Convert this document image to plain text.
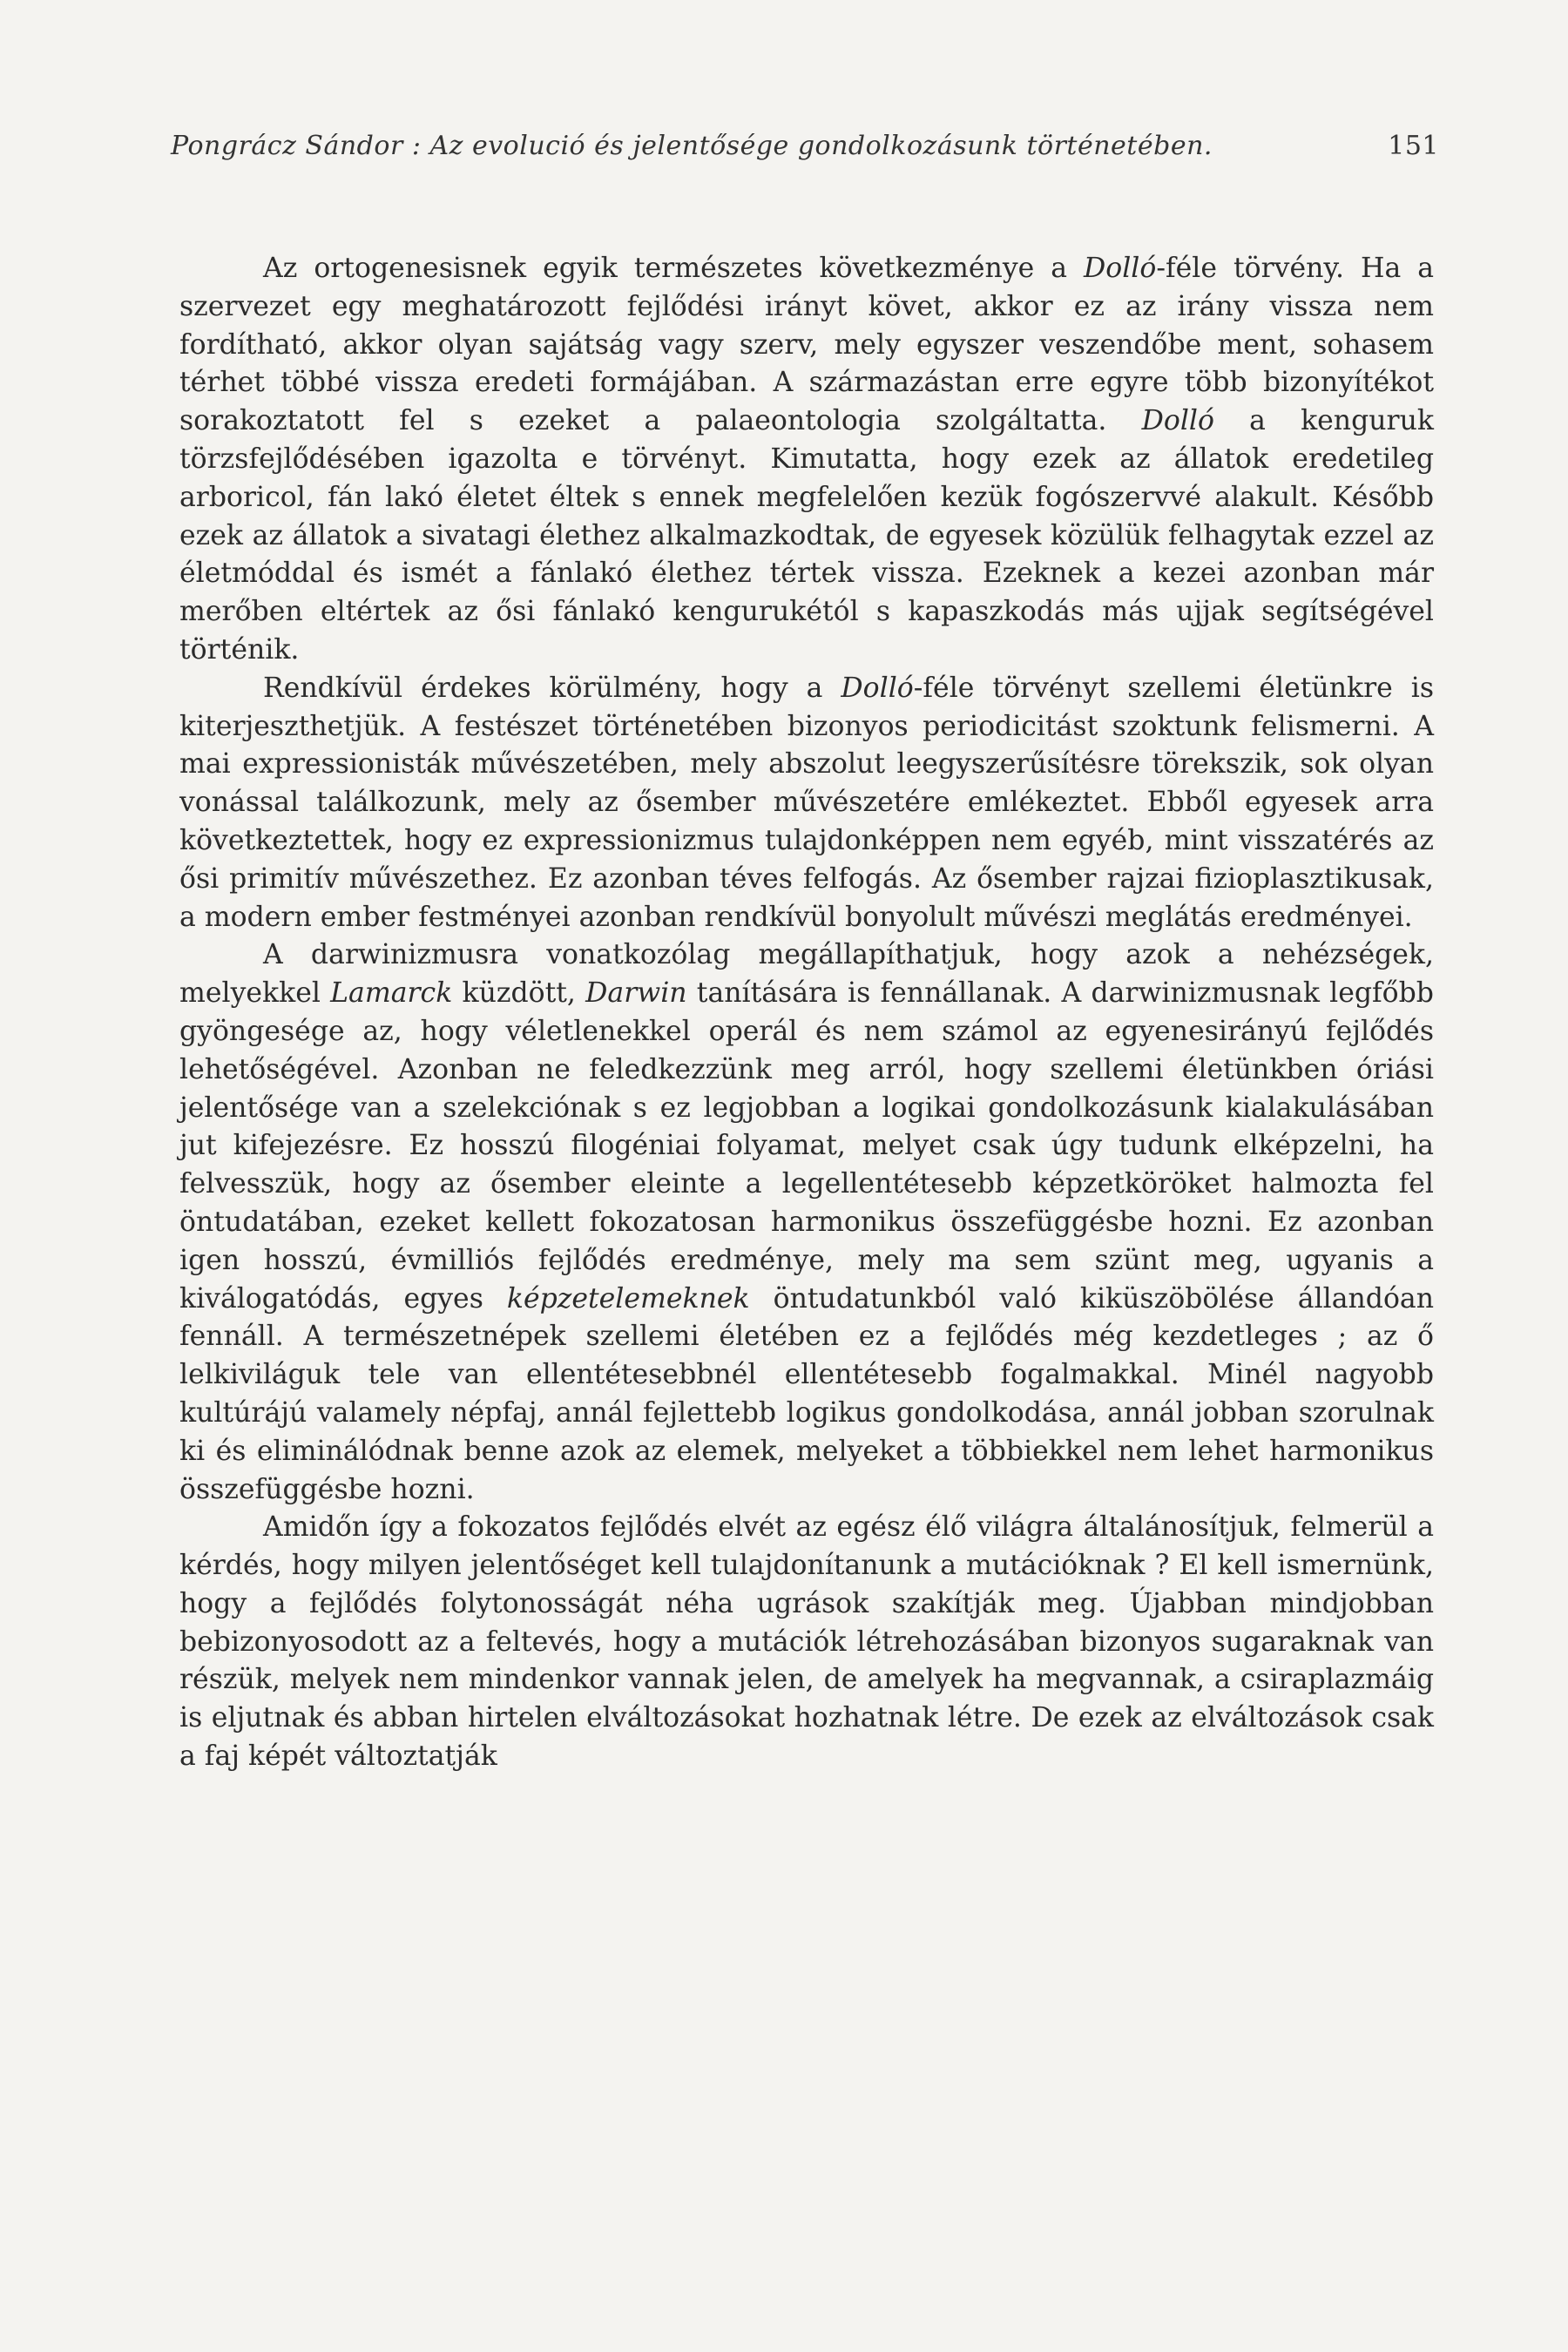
Pongrácz Sándor : Az evolució és jelentősége gondolkozásunk történetében.	151

Az ortogenesisnek egyik természetes következménye a Dolló-féle törvény. Ha a szervezet egy meghatározott fejlődési irányt követ, akkor ez az irány vissza nem fordítható, akkor olyan sajátság vagy szerv, mely egyszer veszendőbe ment, sohasem térhet többé vissza eredeti formájában. A származástan erre egyre több bizonyítékot sorakoztatott fel s ezeket a palaeontologia szolgáltatta. Dolló a kenguruk törzsfejlődésében igazolta e törvényt. Kimutatta, hogy ezek az állatok eredetileg arboricol, fán lakó életet éltek s ennek megfelelően kezük fogószervvé alakult. Később ezek az állatok a sivatagi élethez alkalmazkodtak, de egyesek közülük felhagytak ezzel az életmóddal és ismét a fánlakó élethez tértek vissza. Ezeknek a kezei azonban már merőben eltértek az ősi fánlakó kengurukétól s kapaszkodás más ujjak segítségével történik.

Rendkívül érdekes körülmény, hogy a Dolló-féle törvényt szellemi életünkre is kiterjeszthetjük. A festészet történetében bizonyos periodicitást szoktunk felismerni. A mai expressionisták művészetében, mely abszolut leegyszerűsítésre törekszik, sok olyan vonással találkozunk, mely az ősember művészetére emlékeztet. Ebből egyesek arra következtettek, hogy ez expressionizmus tulajdonképpen nem egyéb, mint visszatérés az ősi primitív művészethez. Ez azonban téves felfogás. Az ősember rajzai fizioplasztikusak, a modern ember festményei azonban rendkívül bonyolult művészi meglátás eredményei.

A darwinizmusra vonatkozólag megállapíthatjuk, hogy azok a nehézségek, melyekkel Lamarck küzdött, Darwin tanítására is fennállanak. A darwinizmusnak legfőbb gyöngesége az, hogy véletlenekkel operál és nem számol az egyenesirányú fejlődés lehetőségével. Azonban ne feledkezzünk meg arról, hogy szellemi életünkben óriási jelentősége van a szelekciónak s ez legjobban a logikai gondolkozásunk kialakulásában jut kifejezésre. Ez hosszú filogéniai folyamat, melyet csak úgy tudunk elképzelni, ha felvesszük, hogy az ősember eleinte a legellentétesebb képzetköröket halmozta fel öntudatában, ezeket kellett fokozatosan harmonikus összefüggésbe hozni. Ez azonban igen hosszú, évmilliós fejlődés eredménye, mely ma sem szünt meg, ugyanis a kiválogatódás, egyes képzetelemeknek öntudatunkból való kiküszöbölése állandóan fennáll. A természetnépek szellemi életében ez a fejlődés még kezdetleges ; az ő lelkiviláguk tele van ellentétesebbnél ellentétesebb fogalmakkal. Minél nagyobb kultúrájú valamely népfaj, annál fejlettebb logikus gondolkodása, annál jobban szorulnak ki és eliminálódnak benne azok az elemek, melyeket a többiekkel nem lehet harmonikus összefüggésbe hozni.

Amidőn így a fokozatos fejlődés elvét az egész élő világra általánosítjuk, felmerül a kérdés, hogy milyen jelentőséget kell tulajdonítanunk a mutációknak ? El kell ismernünk, hogy a fejlődés folytonosságát néha ugrások szakítják meg. Újabban mindjobban bebizonyosodott az a feltevés, hogy a mutációk létrehozásában bizonyos sugaraknak van részük, melyek nem mindenkor vannak jelen, de amelyek ha megvannak, a csiraplazmáig is eljutnak és abban hirtelen elváltozásokat hozhatnak létre. De ezek az elváltozások csak a faj képét változtatják
